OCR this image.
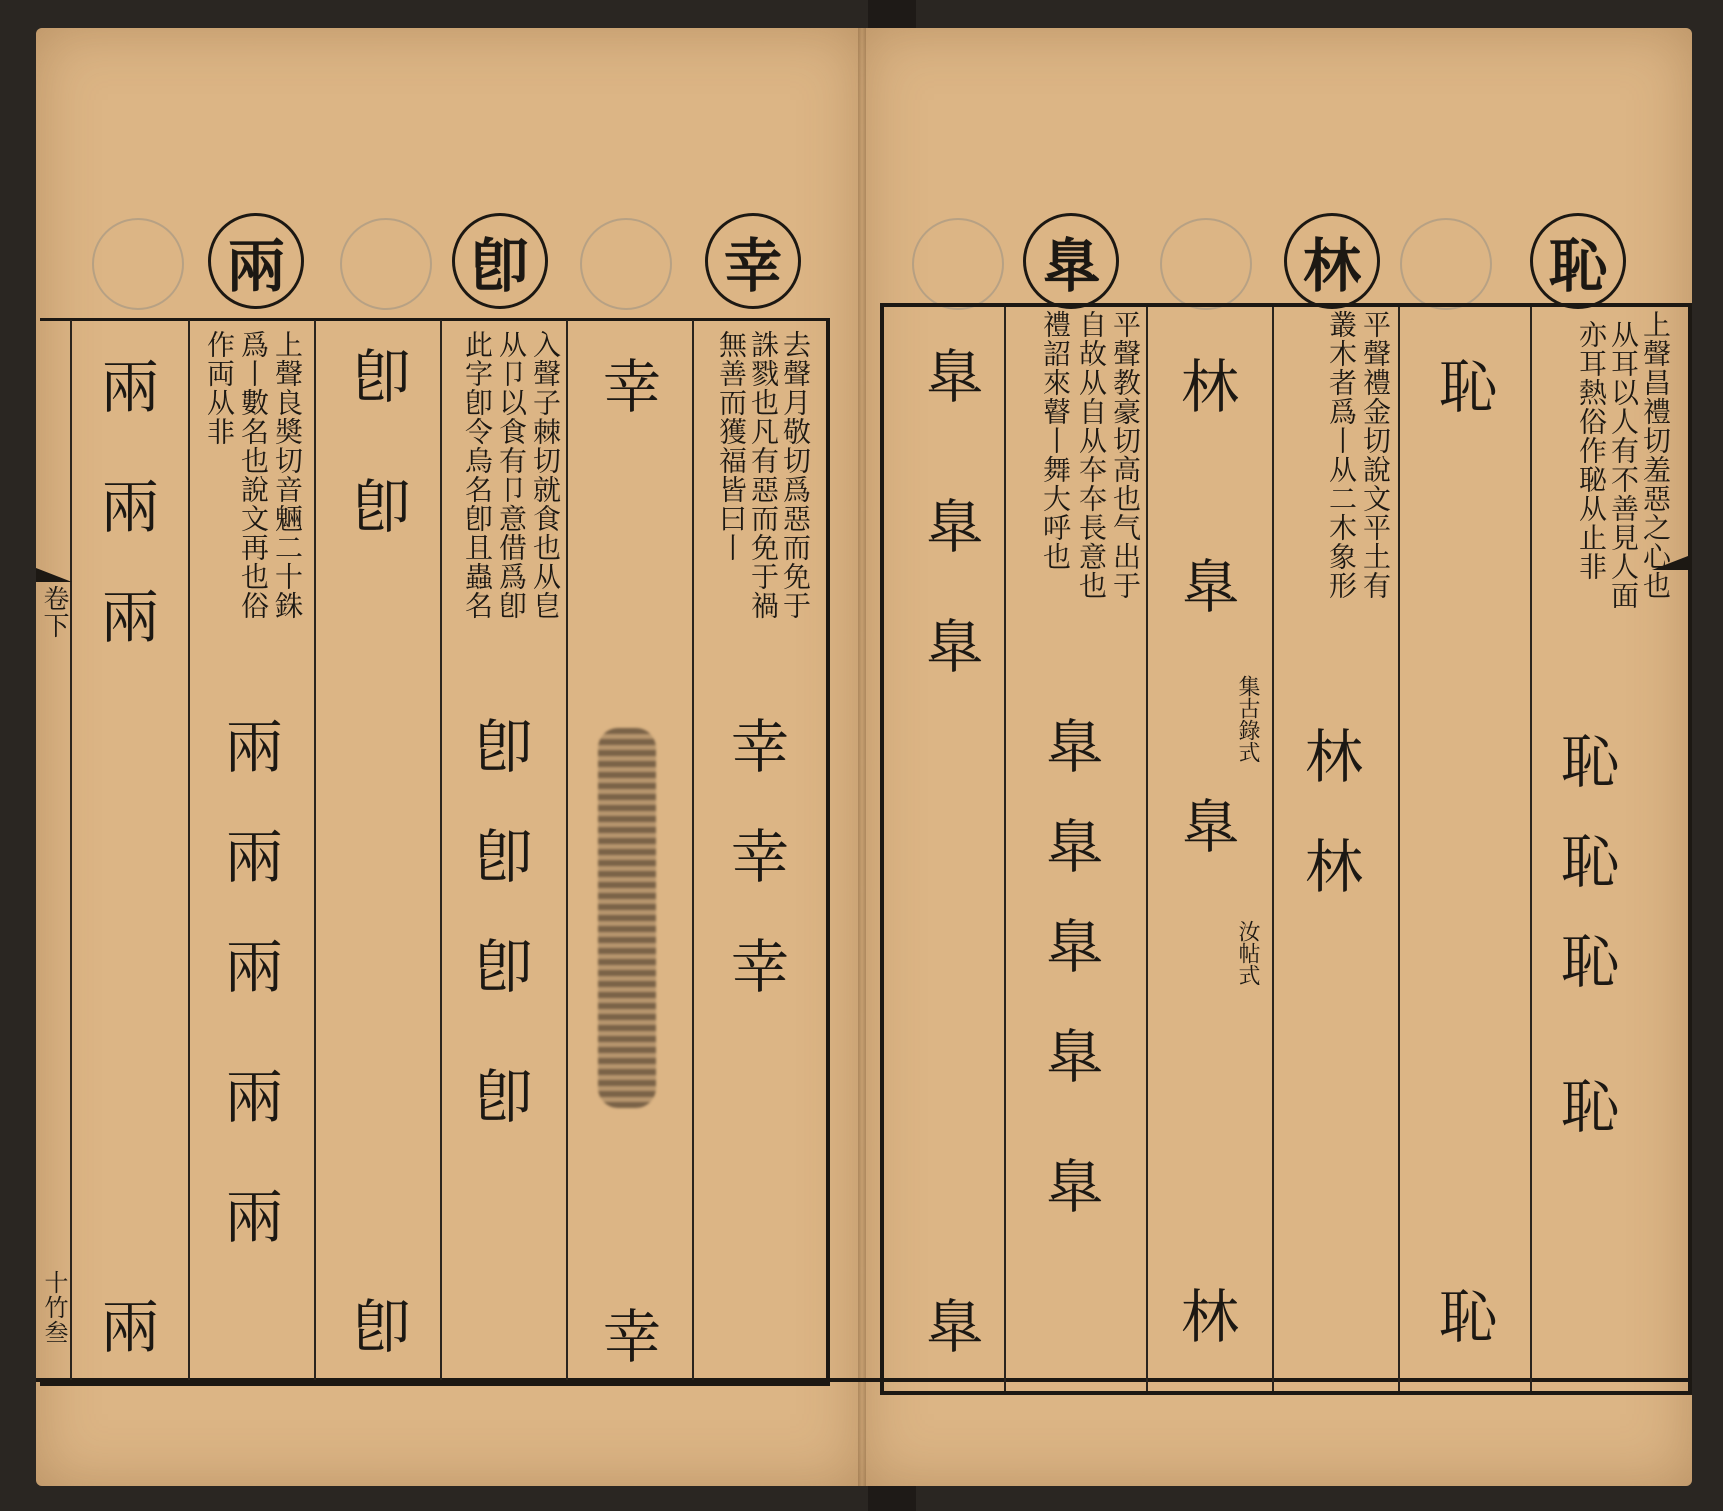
兩	卽	幸	臯	林	恥
卷下
十竹叁
上聲昌禮切羞惡之心也
从耳以人有不善見人面
亦耳熱俗作䎵从止非
恥
恥
恥
恥
恥
恥
平聲禮金切說文平土有
叢木者爲丨从二木象形
林
林
林
林
臯
集古錄式
臯
汝帖式
平聲教豪切高也气出于
自故从自从夲夲長意也
禮詔來瞽丨舞大呼也
臯
臯
臯
臯
臯
臯
臯
臯
臯
去聲月敬切爲惡而免于
誅戮也凡有惡而免于禍
無善而獲福皆曰丨
幸
幸
幸
幸
幸
入聲子棘切就食也从皀
从卩以食有卩意借爲卽
此字卽令烏名卽且蟲名
卽
卽
卽
卽
卽
卽
卽
上聲良奬切音魎二十銖
爲丨數名也說文再也俗
作両从非
兩
兩
兩
兩
兩
兩
兩
兩
兩
